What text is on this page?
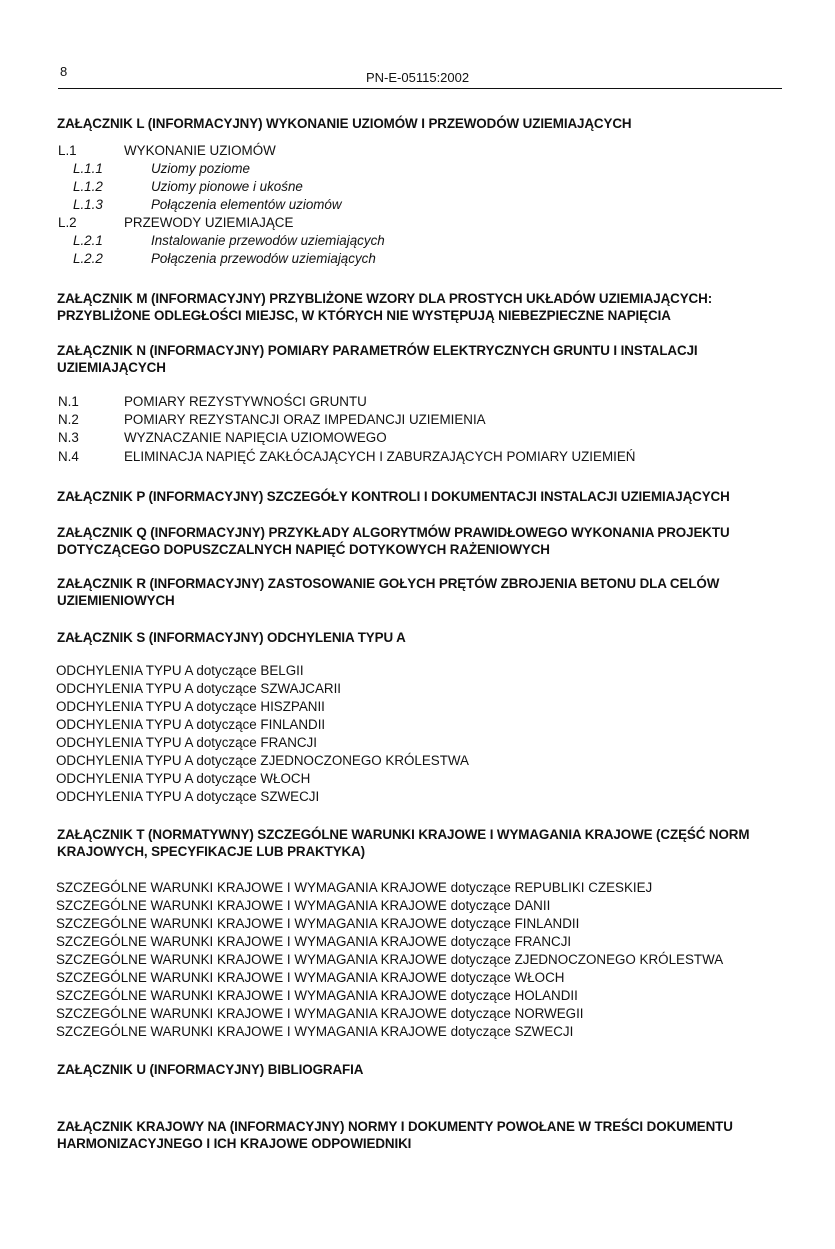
8	PN-E-05115:2002
ZAŁĄCZNIK L (INFORMACYJNY) WYKONANIE UZIOMÓW I PRZEWODÓW UZIEMIAJĄCYCH
L.1	WYKONANIE UZIOMÓW
L.1.1	Uziomy poziome
L.1.2	Uziomy pionowe i ukośne
L.1.3	Połączenia elementów uziomów
L.2	PRZEWODY UZIEMIAJĄCE
L.2.1	Instalowanie przewodów uziemiających
L.2.2	Połączenia przewodów uziemiających
ZAŁĄCZNIK M (INFORMACYJNY) PRZYBLIŻONE WZORY DLA PROSTYCH UKŁADÓW UZIEMIAJĄCYCH: PRZYBLIŻONE ODLEGŁOŚCI MIEJSC, W KTÓRYCH NIE WYSTĘPUJĄ NIEBEZPIECZNE NAPIĘCIA
ZAŁĄCZNIK N (INFORMACYJNY) POMIARY PARAMETRÓW ELEKTRYCZNYCH GRUNTU I INSTALACJI UZIEMIAJĄCYCH
N.1	POMIARY REZYSTYWNOŚCI GRUNTU
N.2	POMIARY REZYSTANCJI ORAZ IMPEDANCJI UZIEMIENIA
N.3	WYZNACZANIE NAPIĘCIA UZIOMOWEGO
N.4	ELIMINACJA NAPIĘĆ ZAKŁÓCAJĄCYCH I ZABURZAJĄCYCH POMIARY UZIEMIEŃ
ZAŁĄCZNIK P (INFORMACYJNY) SZCZEGÓŁY KONTROLI I DOKUMENTACJI INSTALACJI UZIEMIAJĄCYCH
ZAŁĄCZNIK Q (INFORMACYJNY) PRZYKŁADY ALGORYTMÓW PRAWIDŁOWEGO WYKONANIA PROJEKTU DOTYCZĄCEGO DOPUSZCZALNYCH NAPIĘĆ DOTYKOWYCH RAŻENIOWYCH
ZAŁĄCZNIK R (INFORMACYJNY) ZASTOSOWANIE GOŁYCH PRĘTÓW ZBROJENIA BETONU DLA CELÓW UZIEMIENIOWYCH
ZAŁĄCZNIK S (INFORMACYJNY) ODCHYLENIA TYPU A
ODCHYLENIA TYPU A dotyczące BELGII
ODCHYLENIA TYPU A dotyczące SZWAJCARII
ODCHYLENIA TYPU A dotyczące HISZPANII
ODCHYLENIA TYPU A dotyczące FINLANDII
ODCHYLENIA TYPU A dotyczące FRANCJI
ODCHYLENIA TYPU A dotyczące ZJEDNOCZONEGO KRÓLESTWA
ODCHYLENIA TYPU A dotyczące WŁOCH
ODCHYLENIA TYPU A dotyczące SZWECJI
ZAŁĄCZNIK T (NORMATYWNY) SZCZEGÓLNE WARUNKI KRAJOWE I WYMAGANIA KRAJOWE (CZĘŚĆ NORM KRAJOWYCH, SPECYFIKACJE LUB PRAKTYKA)
SZCZEGÓLNE WARUNKI KRAJOWE I WYMAGANIA KRAJOWE dotyczące REPUBLIKI CZESKIEJ
SZCZEGÓLNE WARUNKI KRAJOWE I WYMAGANIA KRAJOWE dotyczące DANII
SZCZEGÓLNE WARUNKI KRAJOWE I WYMAGANIA KRAJOWE dotyczące FINLANDII
SZCZEGÓLNE WARUNKI KRAJOWE I WYMAGANIA KRAJOWE dotyczące FRANCJI
SZCZEGÓLNE WARUNKI KRAJOWE I WYMAGANIA KRAJOWE dotyczące ZJEDNOCZONEGO KRÓLESTWA
SZCZEGÓLNE WARUNKI KRAJOWE I WYMAGANIA KRAJOWE dotyczące WŁOCH
SZCZEGÓLNE WARUNKI KRAJOWE I WYMAGANIA KRAJOWE dotyczące HOLANDII
SZCZEGÓLNE WARUNKI KRAJOWE I WYMAGANIA KRAJOWE dotyczące NORWEGII
SZCZEGÓLNE WARUNKI KRAJOWE I WYMAGANIA KRAJOWE dotyczące SZWECJI
ZAŁĄCZNIK U (INFORMACYJNY) BIBLIOGRAFIA
ZAŁĄCZNIK KRAJOWY NA (INFORMACYJNY) NORMY I DOKUMENTY POWOŁANE W TREŚCI DOKUMENTU HARMONIZACYJNEGO I ICH KRAJOWE ODPOWIEDNIKI
